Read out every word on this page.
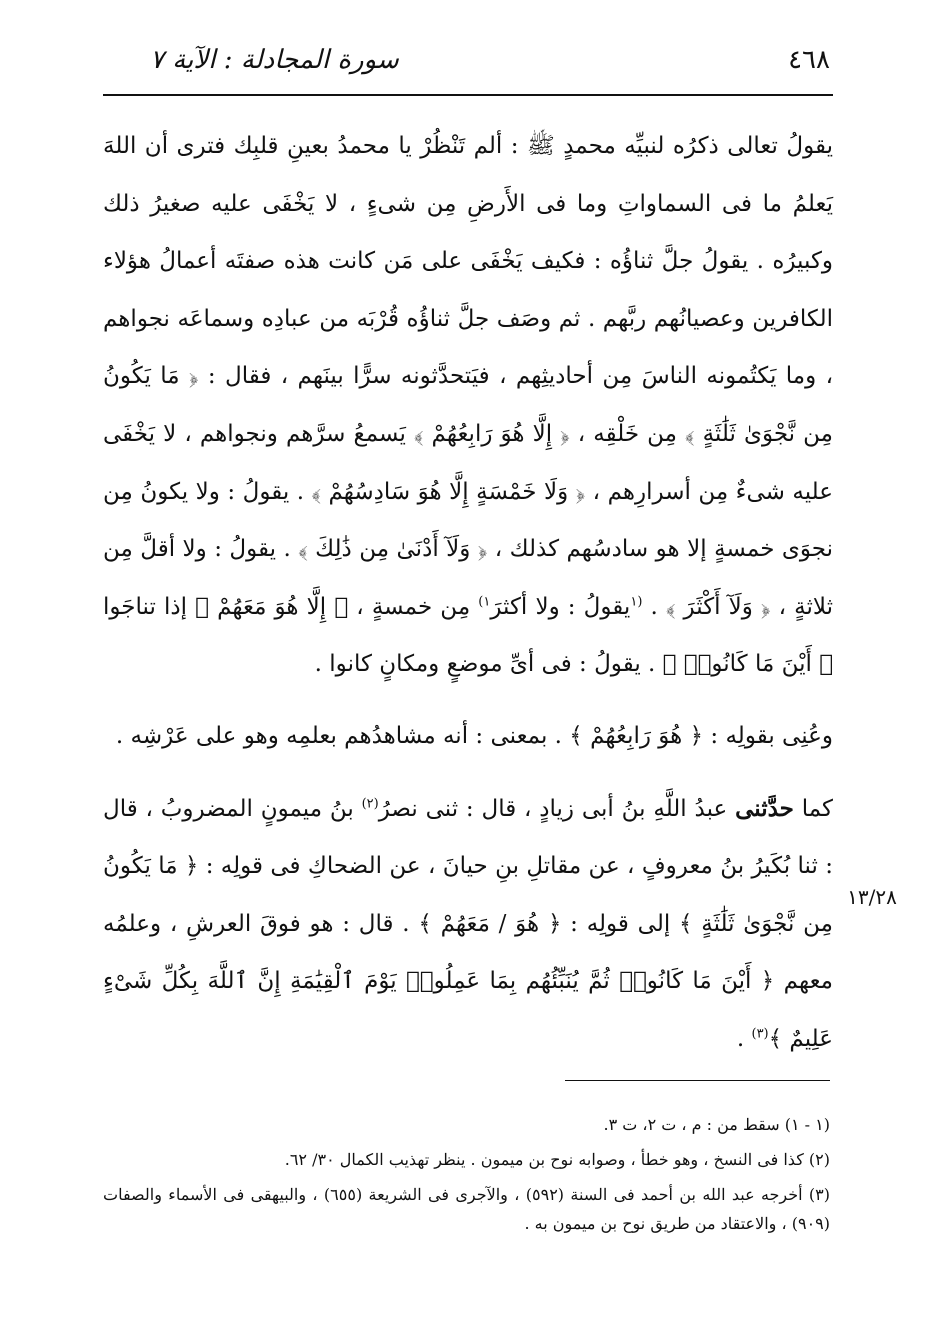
٤٦٨
سورة المجادلة : الآية ٧

يقولُ تعالى ذكرُه لنبيِّه محمدٍ ﷺ : ألم تَنْظُرْ يا محمدُ بعينِ قلبِك فترى أن اللهَ يَعلمُ ما فى السماواتِ وما فى الأَرضِ مِن شىءٍ ، لا يَخْفَى عليه صغيرُ ذلك وكبيرُه . يقولُ جلَّ ثناؤُه : فكيف يَخْفَى على مَن كانت هذه صفتَه أعمالُ هؤلاء الكافرين وعصيانُهم ربَّهم . ثم وصَف جلَّ ثناؤُه قُرْبَه من عبادِه وسماعَه نجواهم ، وما يَكتُمونه الناسَ مِن أحاديثِهم ، فيَتحدَّثونه سرًّا بينَهم ، فقال : ﴿ مَا يَكُونُ مِن نَّجْوَىٰ ثَلَٰثَةٍ ﴾ مِن خَلْقِه ، ﴿ إِلَّا هُوَ رَابِعُهُمْ ﴾ يَسمعُ سرَّهم ونجواهم ، لا يَخْفَى عليه شىءٌ مِن أسرارِهم ، ﴿ وَلَا خَمْسَةٍ إِلَّا هُوَ سَادِسُهُمْ ﴾ . يقولُ : ولا يكونُ مِن نجوَى خمسةٍ إلا هو سادسُهم كذلك ، ﴿ وَلَآ أَدْنَىٰ مِن ذَٰلِكَ ﴾ . يقولُ : ولا أقلَّ مِن ثلاثةٍ ، ﴿ وَلَآ أَكْثَرَ ﴾ . $^{(١}$يقولُ : ولا أكثرَ$^{١)}$ مِن خمسةٍ ، ﴿ إِلَّا هُوَ مَعَهُمْ ﴾ إذا تناجَوا ﴿ أَيْنَ مَا كَانُوا۟ ﴾ . يقولُ : فى أىِّ موضعٍ ومكانٍ كانوا .

وعُنِى بقولِه : ﴿ هُوَ رَابِعُهُمْ ﴾ . بمعنى : أنه مشاهدُهم بعلمِه وهو على عَرْشِه .

كما حدَّثنى عبدُ اللَّهِ بنُ أبى زيادٍ ، قال : ثنى نصرُ$^{(٢)}$ بنُ ميمونٍ المضروبُ ، قال : ثنا بُكَيرُ بنُ معروفٍ ، عن مقاتلِ بنِ حيانَ ، عن الضحاكِ فى قولِه : ﴿ مَا يَكُونُ مِن نَّجْوَىٰ ثَلَٰثَةٍ ﴾ إلى قولِه : ﴿ هُوَ / مَعَهُمْ ﴾ . قال : هو فوقَ العرشِ ، وعلمُه معهم ﴿ أَيْنَ مَا كَانُوا۟ ثُمَّ يُنَبِّئُهُم بِمَا عَمِلُوا۟ يَوْمَ ٱلْقِيَٰمَةِ إِنَّ ٱللَّهَ بِكُلِّ شَىْءٍ عَلِيمٌ ﴾$^{(٣)}$ .

١٣/٢٨

(١ - ١) سقط من : م ، ت ٢، ت ٣.

(٢) كذا فى النسخ ، وهو خطأ ، وصوابه نوح بن ميمون . ينظر تهذيب الكمال ٣٠/ ٦٢.

(٣) أخرجه عبد الله بن أحمد فى السنة (٥٩٢) ، والآجرى فى الشريعة (٦٥٥) ، والبيهقى فى الأسماء والصفات (٩٠٩) ، والاعتقاد من طريق نوح بن ميمون به .
